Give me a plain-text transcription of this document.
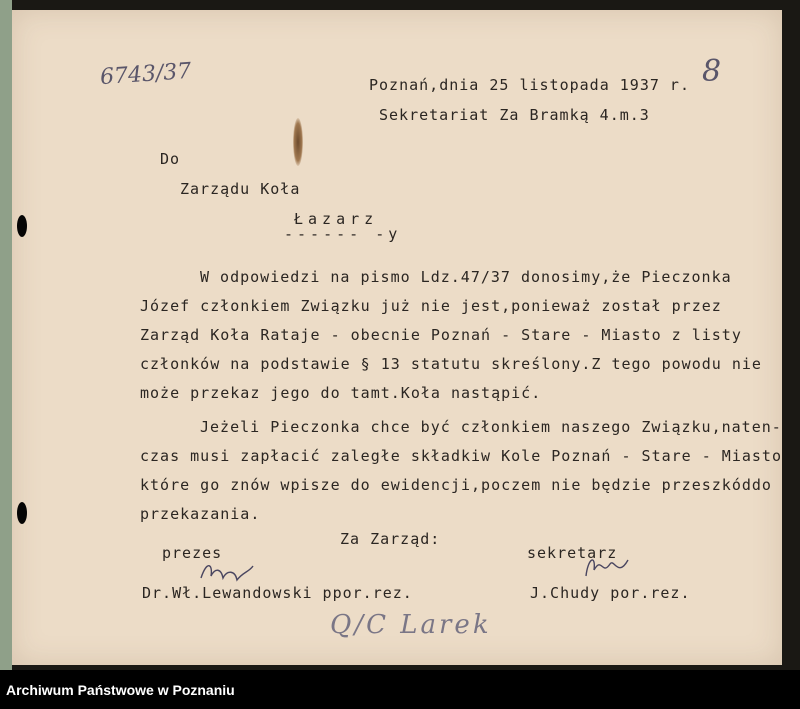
6743/37	8
Poznań,dnia 25 listopada 1937 r.
Sekretariat Za Bramką 4.m.3
Do
Zarządu Koła
Łazarz
------ -y
W odpowiedzi na pismo Ldz.47/37 donosimy,że Pieczonka
Józef członkiem Związku już nie jest,ponieważ został przez
Zarząd Koła Rataje - obecnie Poznań - Stare - Miasto z listy
członków na podstawie § 13 statutu skreślony.Z tego powodu nie
może przekaz jego do tamt.Koła nastąpić.
Jeżeli Pieczonka chce być członkiem naszego Związku,naten-
czas musi zapłacić zaległe składkiw Kole Poznań - Stare - Miasto
które go znów wpisze do ewidencji,poczem nie będzie przeszkóddo
przekazania.
Za Zarząd:
prezes	sekretarz
Dr.Wł.Lewandowski ppor.rez.	J.Chudy por.rez.
Q/C Larek
Archiwum Państwowe w Poznaniu
